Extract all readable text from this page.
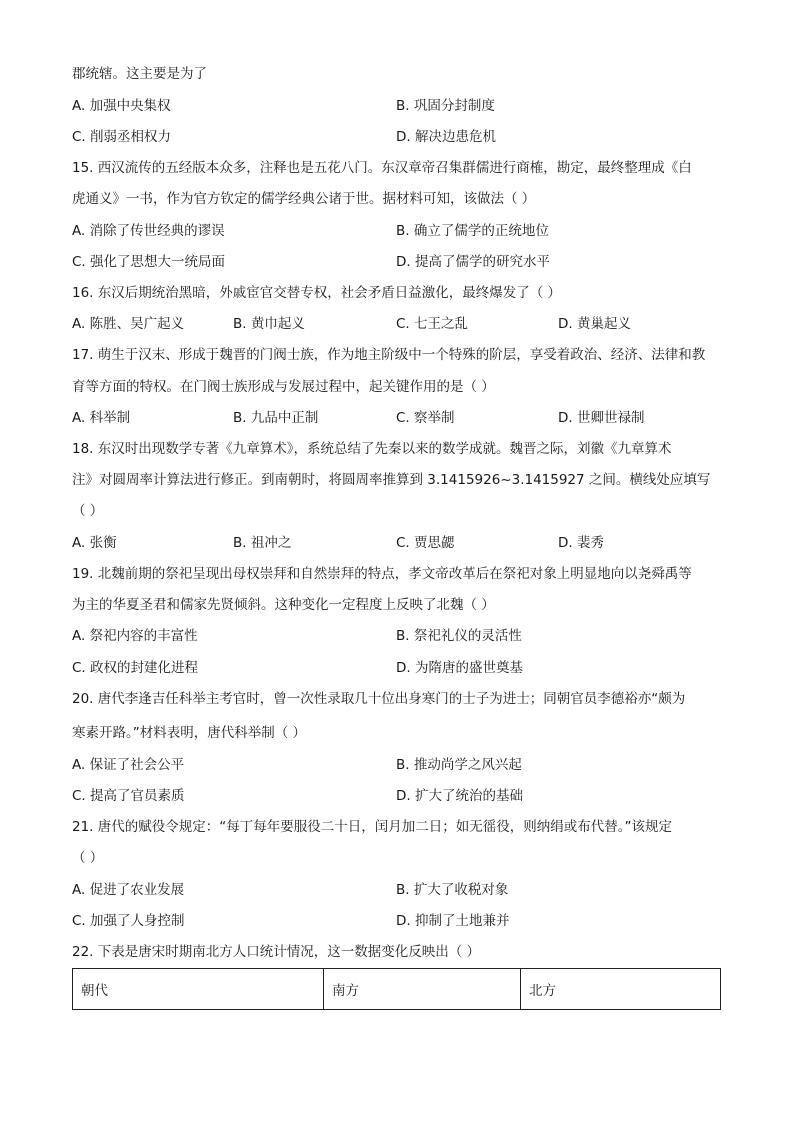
郡统辖。这主要是为了
A. 加强中央集权	B. 巩固分封制度
C. 削弱丞相权力	D. 解决边患危机
15. 西汉流传的五经版本众多，注释也是五花八门。东汉章帝召集群儒进行商榷，勘定，最终整理成《白
虎通义》一书，作为官方钦定的儒学经典公诸于世。据材料可知，该做法（ ）
A. 消除了传世经典的谬误	B. 确立了儒学的正统地位
C. 强化了思想大一统局面	D. 提高了儒学的研究水平
16. 东汉后期统治黑暗，外戚宦官交替专权，社会矛盾日益激化，最终爆发了（ ）
A. 陈胜、吴广起义	B. 黄巾起义	C. 七王之乱	D. 黄巢起义
17. 萌生于汉末、形成于魏晋的门阀士族，作为地主阶级中一个特殊的阶层，享受着政治、经济、法律和教
育等方面的特权。在门阀士族形成与发展过程中，起关键作用的是（ ）
A. 科举制	B. 九品中正制	C. 察举制	D. 世卿世禄制
18. 东汉时出现数学专著《九章算术》，系统总结了先秦以来的数学成就。魏晋之际，刘徽《九章算术
注》对圆周率计算法进行修正。到南朝时，将圆周率推算到 3.1415926~3.1415927 之间。横线处应填写
（ ）
A. 张衡	B. 祖冲之	C. 贾思勰	D. 裴秀
19. 北魏前期的祭祀呈现出母权崇拜和自然崇拜的特点，孝文帝改革后在祭祀对象上明显地向以尧舜禹等
为主的华夏圣君和儒家先贤倾斜。这种变化一定程度上反映了北魏（ ）
A. 祭祀内容的丰富性	B. 祭祀礼仪的灵活性
C. 政权的封建化进程	D. 为隋唐的盛世奠基
20. 唐代李逢吉任科举主考官时，曾一次性录取几十位出身寒门的士子为进士；同朝官员李德裕亦“颇为
寒素开路。”材料表明，唐代科举制（ ）
A. 保证了社会公平	B. 推动尚学之风兴起
C. 提高了官员素质	D. 扩大了统治的基础
21. 唐代的赋役令规定：“每丁每年要服役二十日，闰月加二日；如无徭役，则纳绢或布代替。”该规定
（ ）
A. 促进了农业发展	B. 扩大了收税对象
C. 加强了人身控制	D. 抑制了土地兼并
22. 下表是唐宋时期南北方人口统计情况，这一数据变化反映出（ ）
朝代	南方	北方
